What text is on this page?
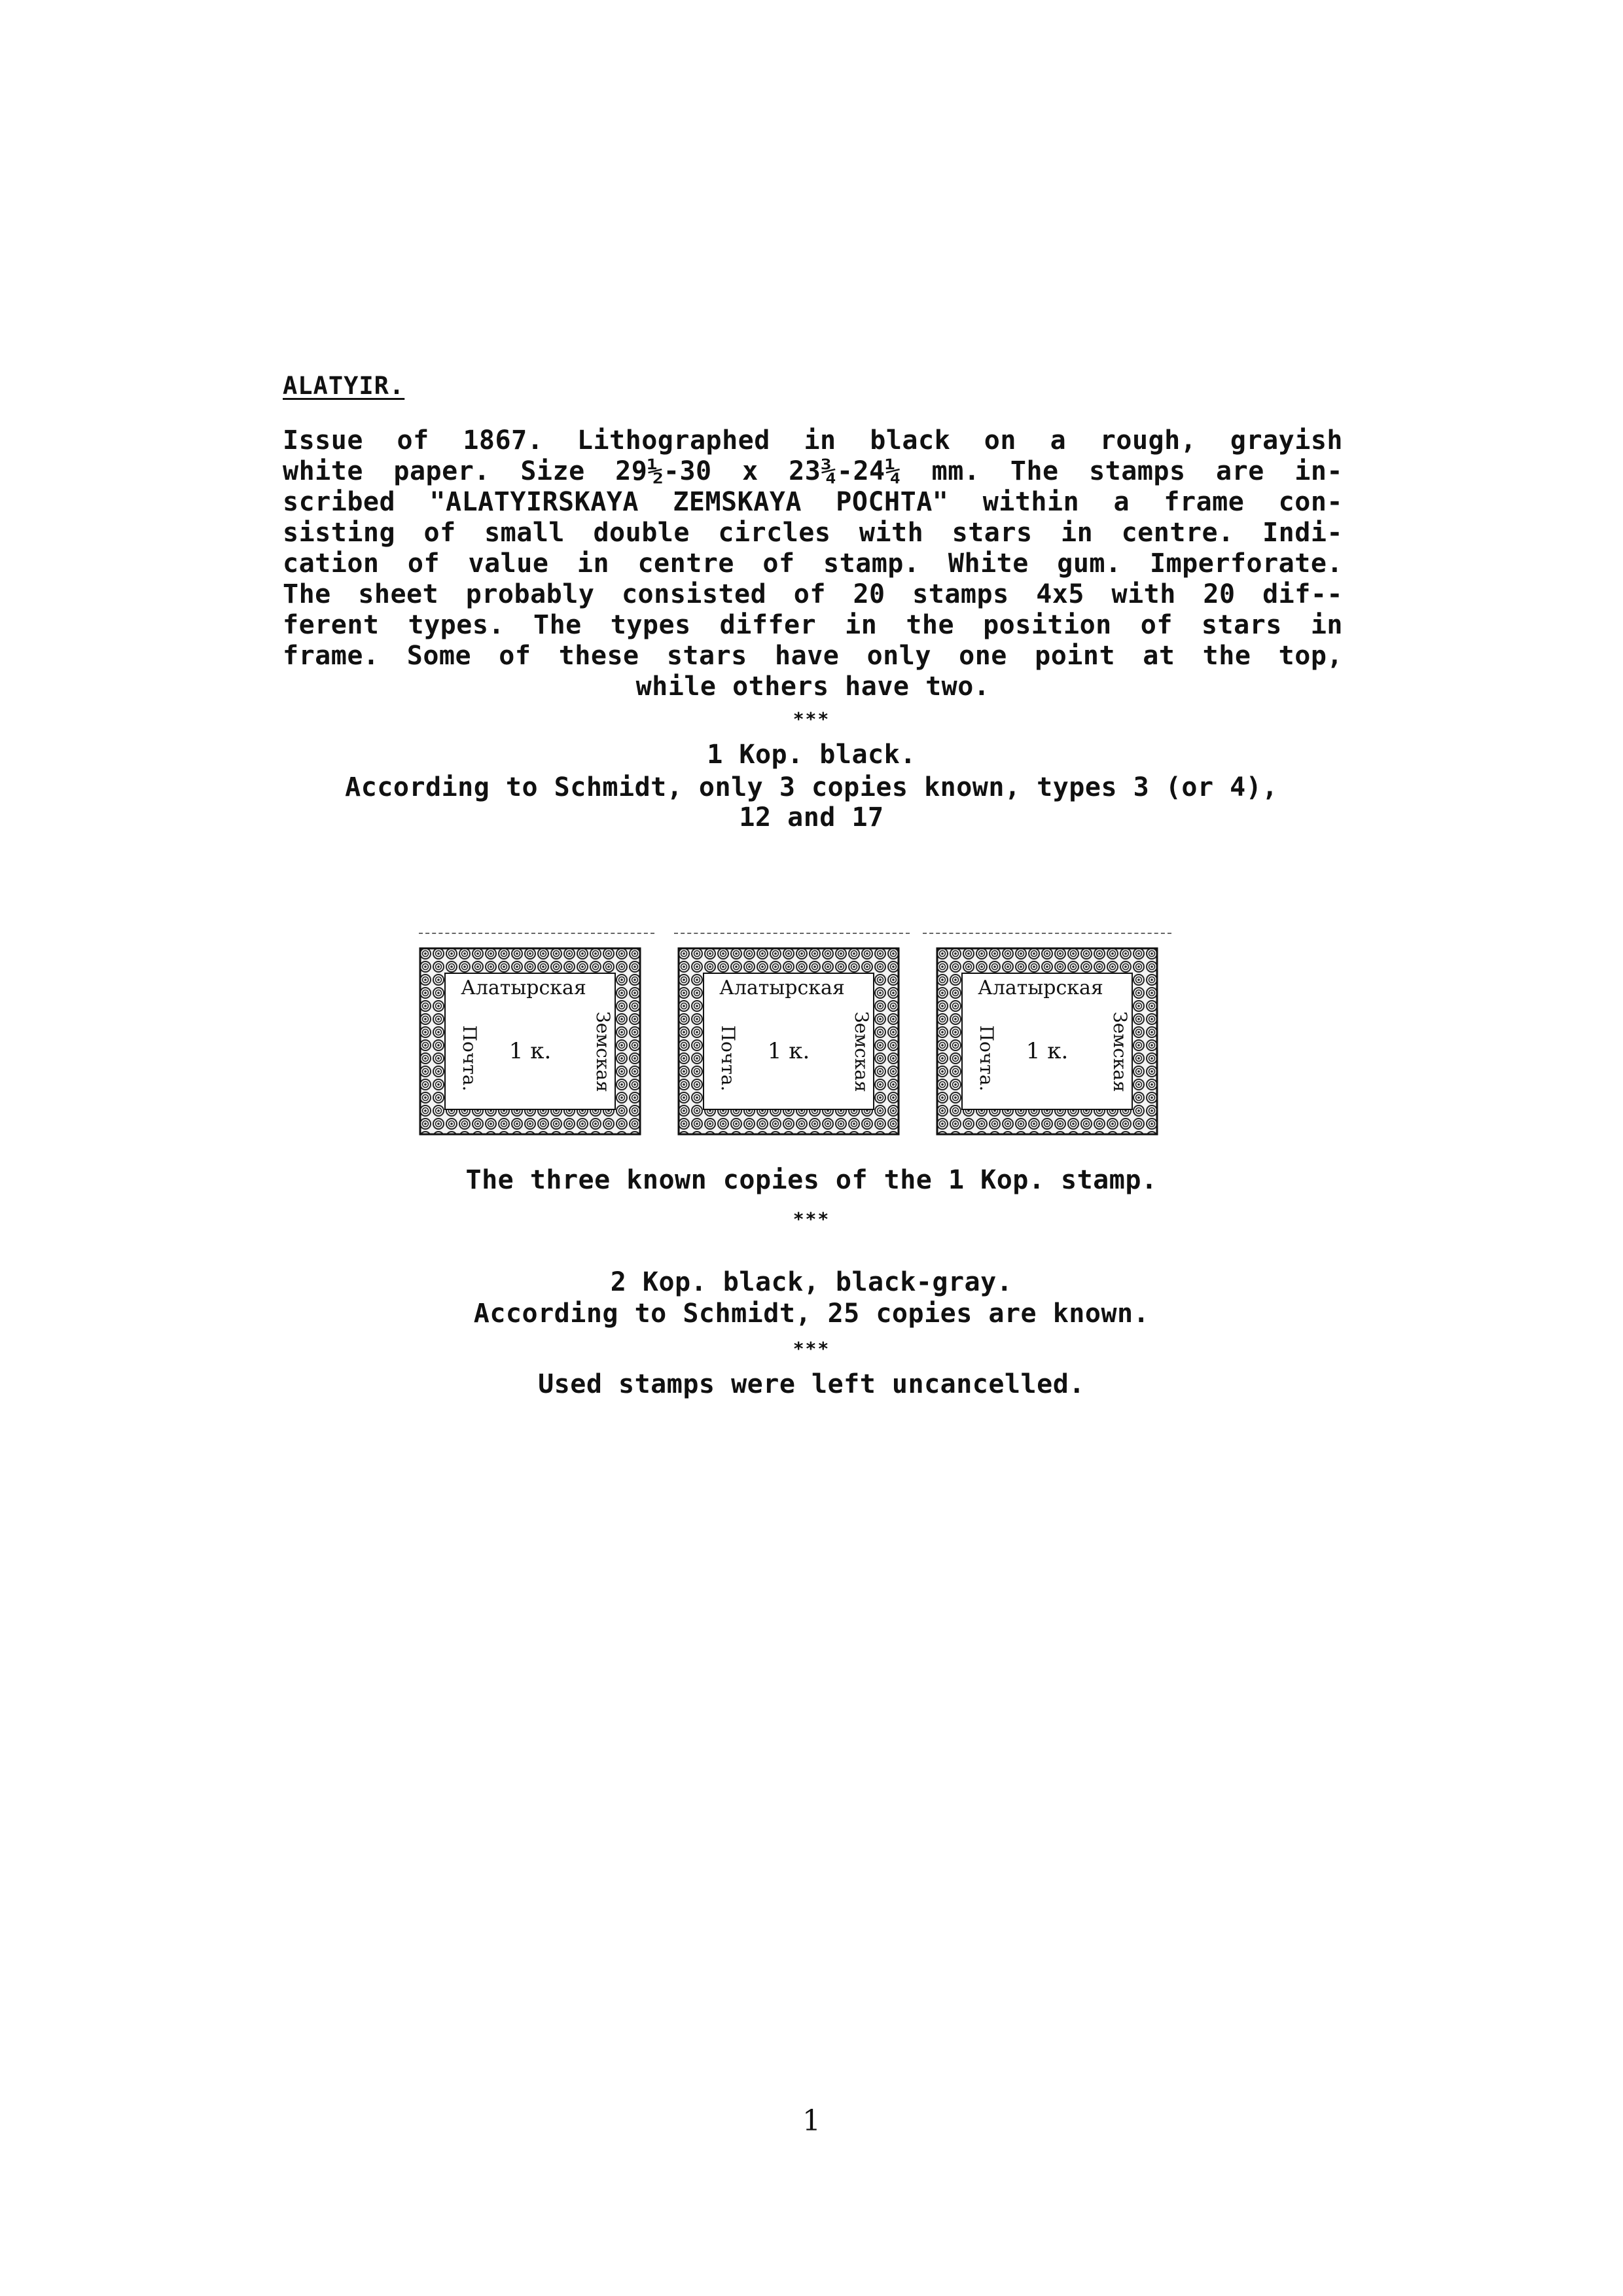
ALATYIR.
Issue of 1867. Lithographed in black on a rough, grayish
white paper. Size 29½-30 x 23¾-24¼ mm. The stamps are in-
scribed "ALATYIRSKAYA ZEMSKAYA POCHTA" within a frame con-
sisting of small double circles with stars in centre. Indi-
cation of value in centre of stamp. White gum. Imperforate.
The sheet probably consisted of 20 stamps 4x5 with 20 dif--
ferent types. The types differ in the position of stars in
frame. Some of these stars have only one point at the top,
while others have two.
***
1 Kop. black.
According to Schmidt, only 3 copies known, types 3 (or 4),
12 and 17
Алатырская
Почта.	Земская
1 к.
Алатырская
Почта.	Земская
1 к.
Алатырская
Почта.	Земская
1 к.
The three known copies of the 1 Kop. stamp.
***
2 Kop. black, black-gray.
According to Schmidt, 25 copies are known.
***
Used stamps were left uncancelled.
1
